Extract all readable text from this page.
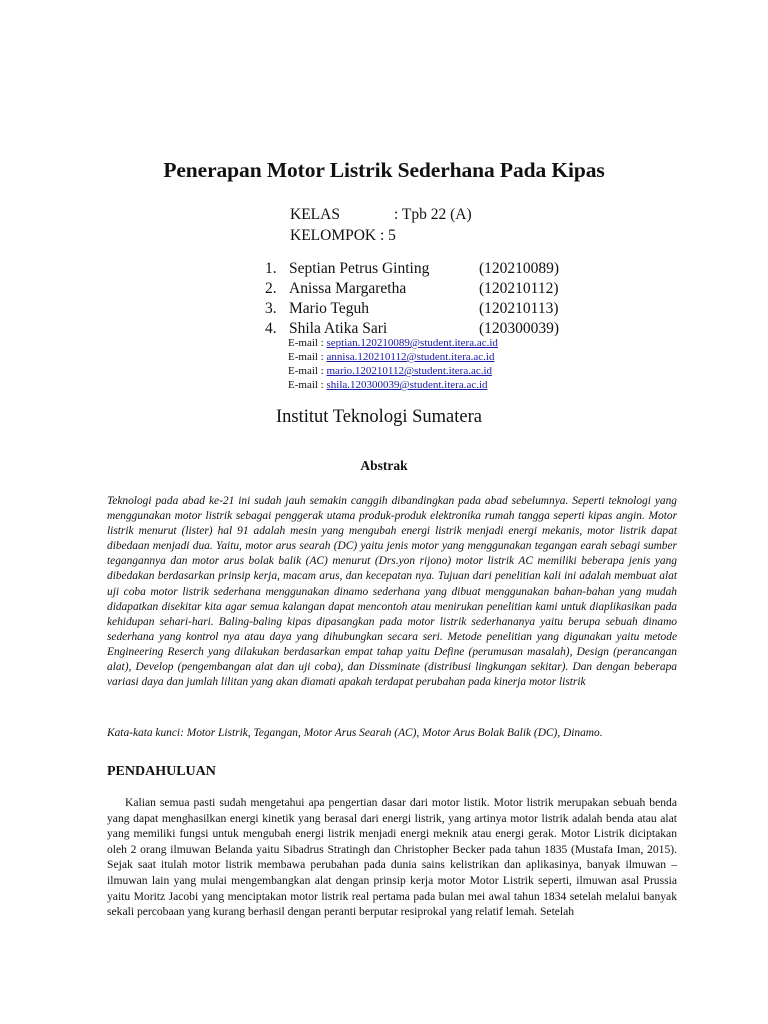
Penerapan Motor Listrik Sederhana Pada Kipas
KELAS	: Tpb 22 (A)
KELOMPOK : 5
1. Septian Petrus Ginting	(120210089)
2. Anissa Margaretha	(120210112)
3. Mario Teguh	(120210113)
4. Shila Atika Sari	(120300039)
E-mail : septian.120210089@student.itera.ac.id
E-mail : annisa.120210112@student.itera.ac.id
E-mail : mario.120210112@student.itera.ac.id
E-mail : shila.120300039@student.itera.ac.id
Institut Teknologi Sumatera
Abstrak

Teknologi pada abad ke-21 ini sudah jauh semakin canggih dibandingkan pada abad sebelumnya. Seperti teknologi yang menggunakan motor listrik sebagai penggerak utama produk-produk elektronika rumah tangga seperti kipas angin. Motor listrik menurut (lister) hal 91 adalah mesin yang mengubah energi listrik menjadi energi mekanis, motor listrik dapat dibedaan menjadi dua. Yaitu, motor arus searah (DC) yaitu jenis motor yang menggunakan tegangan earah sebagi sumber tegangannya dan motor arus bolak balik (AC) menurut (Drs.yon rijono) motor listrik AC memiliki beberapa jenis yang dibedakan berdasarkan prinsip kerja, macam arus, dan kecepatan nya. Tujuan dari penelitian kali ini adalah membuat alat uji coba motor listrik sederhana menggunakan dinamo sederhana yang dibuat menggunakan bahan-bahan yang mudah didapatkan disekitar kita agar semua kalangan dapat mencontoh atau menirukan penelitian kami untuk diaplikasikan pada kehidupan sehari-hari. Baling-baling kipas dipasangkan pada motor listrik sederhananya yaitu berupa sebuah dinamo sederhana yang kontrol nya atau daya yang dihubungkan secara seri. Metode penelitian yang digunakan yaitu metode Engineering Reserch yang dilakukan berdasarkan empat tahap yaitu Define (perumusan masalah), Design (perancangan alat), Develop (pengembangan alat dan uji coba), dan Dissminate (distribusi lingkungan sekitar). Dan dengan beberapa variasi daya dan jumlah lilitan yang akan diamati apakah terdapat perubahan pada kinerja motor listrik

Kata-kata kunci: Motor Listrik, Tegangan, Motor Arus Searah (AC), Motor Arus Bolak Balik (DC), Dinamo.

PENDAHULUAN

Kalian semua pasti sudah mengetahui apa pengertian dasar dari motor listik. Motor listrik merupakan sebuah benda yang dapat menghasilkan energi kinetik yang berasal dari energi listrik, yang artinya motor listrik adalah benda atau alat yang memiliki fungsi untuk mengubah energi listrik menjadi energi meknik atau energi gerak. Motor Listrik diciptakan oleh 2 orang ilmuwan Belanda yaitu Sibadrus Stratingh dan Christopher Becker pada tahun 1835 (Mustafa Iman, 2015). Sejak saat itulah motor listrik membawa perubahan pada dunia sains kelistrikan dan aplikasinya, banyak ilmuwan – ilmuwan lain yang mulai mengembangkan alat dengan prinsip kerja motor Motor Listrik seperti, ilmuwan asal Prussia yaitu Moritz Jacobi yang menciptakan motor listrik real pertama pada bulan mei awal tahun 1834 setelah melalui banyak sekali percobaan yang kurang berhasil dengan peranti berputar resiprokal yang relatif lemah. Setelah
